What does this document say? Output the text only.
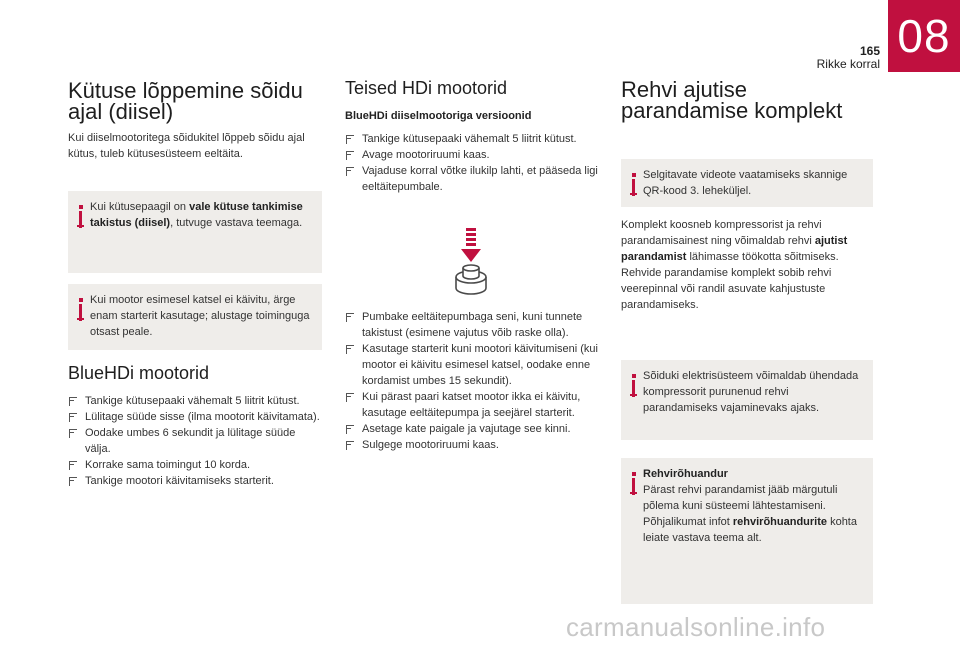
08
165
Rikke korral
Kütuse lõppemine sõidu
ajal (diisel)

Kui diiselmootoritega sõidukitel lõppeb sõidu ajal kütus, tuleb kütusesüsteem eeltäita.

Kui kütusepaagil on vale kütuse tankimise takistus (diisel), tutvuge vastava teemaga.
Kui mootor esimesel katsel ei käivitu, ärge enam starterit kasutage; alustage toiminguga otsast peale.
BlueHDi mootorid
Tankige kütusepaaki vähemalt 5 liitrit kütust.
Lülitage süüde sisse (ilma mootorit käivitamata).
Oodake umbes 6 sekundit ja lülitage süüde välja.
Korrake sama toimingut 10 korda.
Tankige mootori käivitamiseks starterit.
Teised HDi mootorid
BlueHDi diiselmootoriga versioonid
Tankige kütusepaaki vähemalt 5 liitrit kütust.
Avage mootoriruumi kaas.
Vajaduse korral võtke ilukilp lahti, et pääseda ligi eeltäitepumbale.
Pumbake eeltäitepumbaga seni, kuni tunnete takistust (esimene vajutus võib raske olla).
Kasutage starterit kuni mootori käivitumiseni (kui mootor ei käivitu esimesel katsel, oodake enne kordamist umbes 15 sekundit).
Kui pärast paari katset mootor ikka ei käivitu, kasutage eeltäitepumpa ja seejärel starterit.
Asetage kate paigale ja vajutage see kinni.
Sulgege mootoriruumi kaas.
Rehvi ajutise
parandamise komplekt
Selgitavate videote vaatamiseks skannige QR-kood 3. leheküljel.

Komplekt koosneb kompressorist ja rehvi parandamisainest ning võimaldab rehvi ajutist parandamist lähimasse töökotta sõitmiseks. Rehvide parandamise komplekt sobib rehvi veerepinnal või randil asuvate kahjustuste parandamiseks.

Sõiduki elektrisüsteem võimaldab ühendada kompressorit purunenud rehvi parandamiseks vajaminevaks ajaks.
Rehvirõhuandur
Pärast rehvi parandamist jääb märgutuli põlema kuni süsteemi lähtestamiseni. Põhjalikumat infot rehvirõhuandurite kohta leiate vastava teema alt.
carmanualsonline.info
